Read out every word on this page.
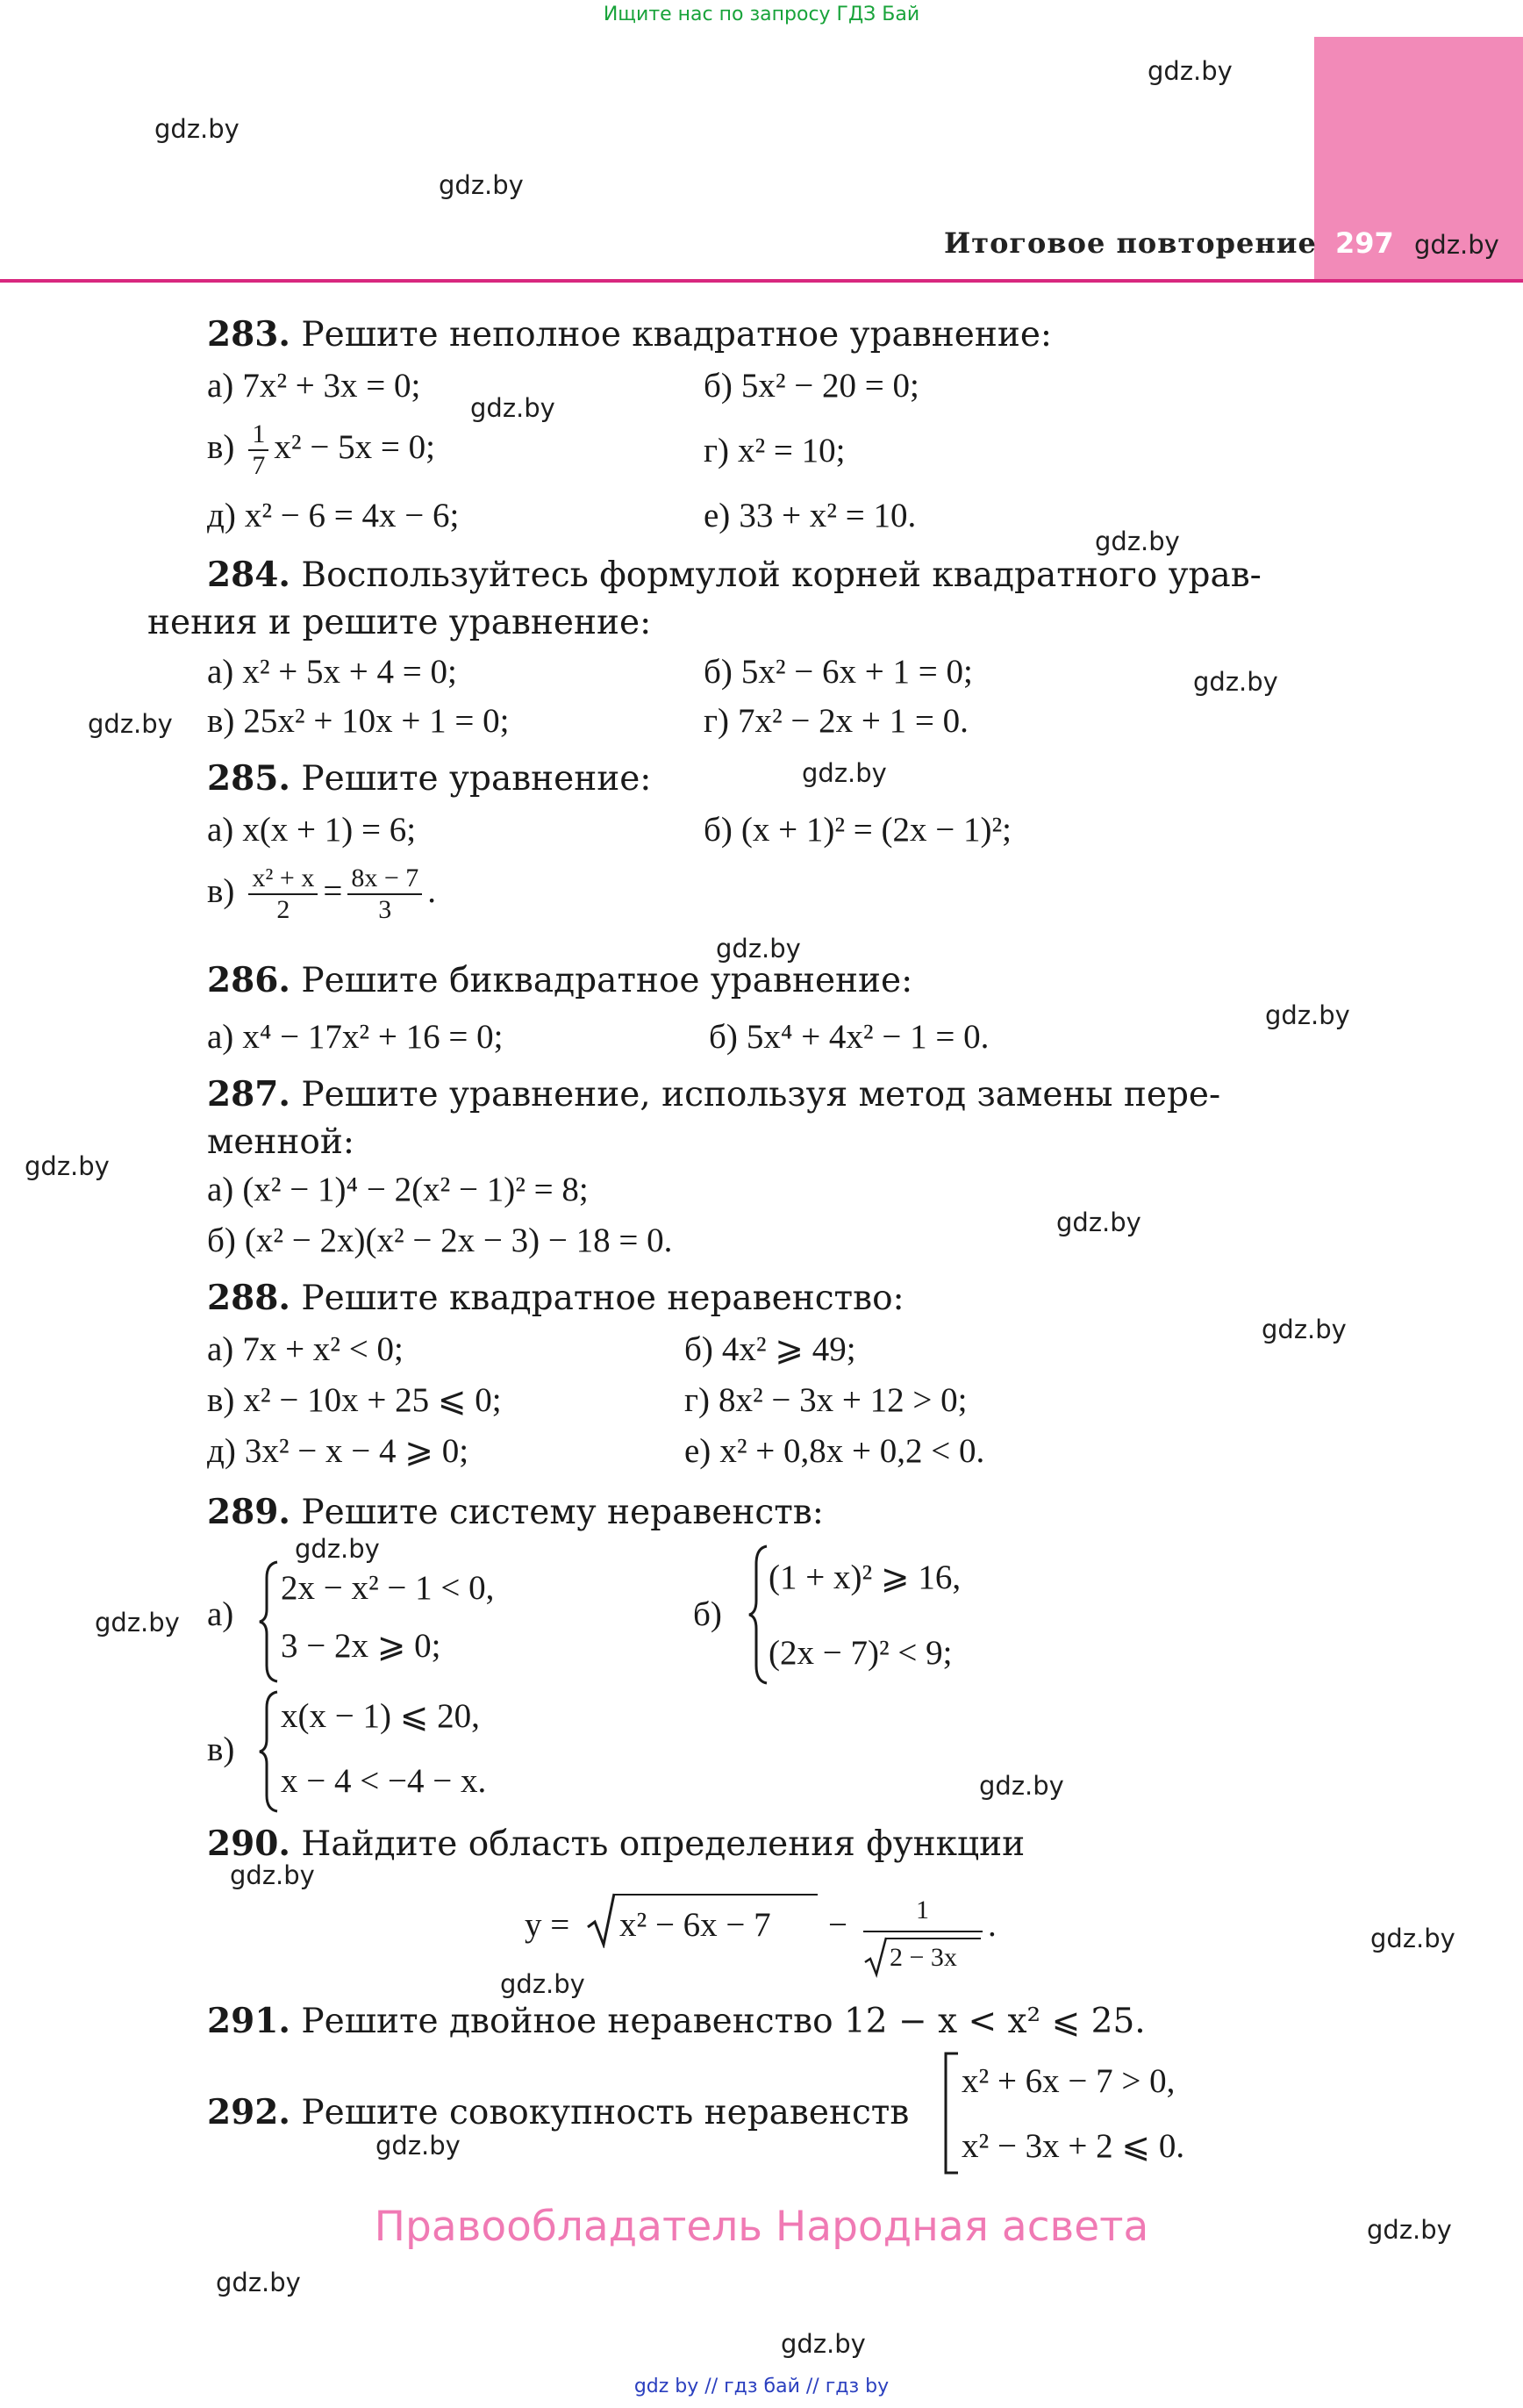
Ищите нас по запросу ГДЗ Бай
Итоговое повторение 297
gdz.by
gdz.by
gdz.by
gdz.by
gdz.by
gdz.by
gdz.by
gdz.by
gdz.by
gdz.by
gdz.by
gdz.by
gdz.by
gdz.by
gdz.by
gdz.by
gdz.by
gdz.by
gdz.by
gdz.by
gdz.by
gdz.by
gdz.by
gdz.by
283. Решите неполное квадратное уравнение:
а) 7x² + 3x = 0;	б) 5x² − 20 = 0;
$в) \frac{1}{7} x^2 - 5x = 0$;	г) x² = 10;
д) x² − 6 = 4x − 6;	е) 33 + x² = 10.
284. Воспользуйтесь формулой корней квадратного урав-
нения и решите уравнение:
а) x² + 5x + 4 = 0;	б) 5x² − 6x + 1 = 0;
в) 25x² + 10x + 1 = 0;	г) 7x² − 2x + 1 = 0.
285. Решите уравнение:
а) x(x + 1) = 6;	б) (x + 1)² = (2x − 1)²;
$в) \frac{\text{x² + x}}{2} = \frac{8x - 7}{3}$ .
286. Решите биквадратное уравнение:
а) x⁴ − 17x² + 16 = 0;	б) 5x⁴ + 4x² − 1 = 0.
287. Решите уравнение, используя метод замены пере-
менной:
а) (x² − 1)⁴ − 2(x² − 1)² = 8;
б) (x² − 2x)(x² − 2x − 3) − 18 = 0.
288. Решите квадратное неравенство:
а) 7x + x² < 0;	б) 4x² ⩾ 49;
в) x² − 10x + 25 ⩽ 0;	г) 8x² − 3x + 12 > 0;
д) 3x² − x − 4 ⩾ 0;	е) x² + 0,8x + 0,2 < 0.
289. Решите систему неравенств:
а)
2x − x² − 1 < 0,
3 − 2x ⩾ 0;
б)
(1 + x)² ⩾ 16,
(2x − 7)² < 9;
в)
x(x − 1) ⩽ 20,
x − 4 < −4 − x.
290. Найдите область определения функции
y = x² − 6x − 7 −	1
2 − 3x
.
291. Решите двойное неравенство 12 − x < x² ⩽ 25.
292. Решите совокупность неравенств
x² + 6x − 7 > 0,
x² − 3x + 2 ⩽ 0.
Правообладатель Народная асвета
gdz by // гдз бай // гдз by
